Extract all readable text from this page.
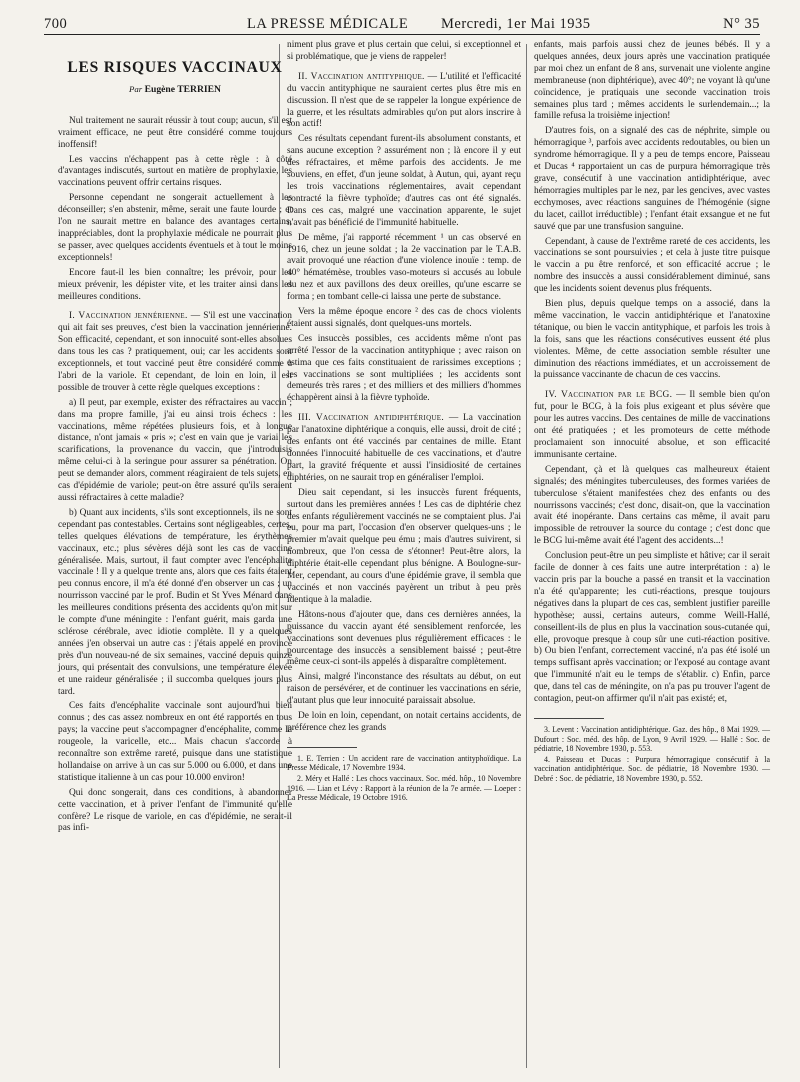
700	LA PRESSE MÉDICALE Mercredi, 1er Mai 1935	N° 35
LES RISQUES VACCINAUX
Par Eugène TERRIEN

Nul traitement ne saurait réussir à tout coup; aucun, s'il est vraiment efficace, ne peut être considéré comme toujours inoffensif!

Les vaccins n'échappent pas à cette règle : à côté d'avantages indiscutés, surtout en matière de prophylaxie, les vaccinations peuvent offrir certains risques.

Personne cependant ne songerait actuellement à les déconseiller; s'en abstenir, même, serait une faute lourde ; et l'on ne saurait mettre en balance des avantages certains, inappréciables, dont la prophylaxie médicale ne pourrait plus se passer, avec quelques accidents éventuels et à tout le moins exceptionnels!

Encore faut-il les bien connaître; les prévoir, pour les mieux prévenir, les dépister vite, et les traiter ainsi dans les meilleures conditions.

I. Vaccination jennérienne. — S'il est une vaccination qui ait fait ses preuves, c'est bien la vaccination jennérienne. Son efficacité, cependant, et son innocuité sont-elles absolues dans tous les cas ? pratiquement, oui; car les accidents sont exceptionnels, et tout vacciné peut être considéré comme à l'abri de la variole. Et cependant, de loin en loin, il est possible de trouver à cette règle quelques exceptions :

a) Il peut, par exemple, exister des réfractaires au vaccin ; dans ma propre famille, j'ai eu ainsi trois échecs : les vaccinations, même répétées plusieurs fois, et à longue distance, n'ont jamais « pris »; c'est en vain que je variai les scarifications, la provenance du vaccin, que j'introduisis même celui-ci à la seringue pour assurer sa pénétration. On peut se demander alors, comment réagiraient de tels sujets, en cas d'épidémie de variole; peut-on être assuré qu'ils seraient aussi réfractaires à cette maladie?

b) Quant aux incidents, s'ils sont exceptionnels, ils ne sont cependant pas contestables. Certains sont négligeables, certes, telles quelques élévations de température, les érythèmes vaccinaux, etc.; plus sévères déjà sont les cas de vaccine généralisée. Mais, surtout, il faut compter avec l'encéphalite vaccinale ! Il y a quelque trente ans, alors que ces faits étaient peu connus encore, il m'a été donné d'en observer un cas ; un nourrisson vacciné par le prof. Budin et St Yves Ménard dans les meilleures conditions présenta des accidents qu'on mit sur le compte d'une méningite : l'enfant guérit, mais garda une sclérose cérébrale, avec idiotie complète. Il y a quelques années j'en observai un autre cas : j'étais appelé en province près d'un nouveau-né de six semaines, vacciné depuis quinze jours, qui présentait des convulsions, une température élevée et une raideur généralisée ; il succomba quelques jours plus tard.

Ces faits d'encéphalite vaccinale sont aujourd'hui bien connus ; des cas assez nombreux en ont été rapportés en tous pays; la vaccine peut s'accompagner d'encéphalite, comme la rougeole, la varicelle, etc... Mais chacun s'accorde à reconnaître son extrême rareté, puisque dans une statistique hollandaise on arrive à un cas sur 5.000 ou 6.000, et dans une statistique italienne à un cas pour 10.000 environ!

Qui donc songerait, dans ces conditions, à abandonner cette vaccination, et à priver l'enfant de l'immunité qu'elle confère? Le risque de variole, en cas d'épidémie, ne serait-il pas infi-

niment plus grave et plus certain que celui, si exceptionnel et si problématique, que je viens de rappeler!

II. Vaccination antityphique. — L'utilité et l'efficacité du vaccin antityphique ne sauraient certes plus être mis en discussion. Il n'est que de se rappeler la longue expérience de la guerre, et les résultats admirables qu'on put alors inscrire à son actif!

Ces résultats cependant furent-ils absolument constants, et sans aucune exception ? assurément non ; là encore il y eut des réfractaires, et même parfois des accidents. Je me souviens, en effet, d'un jeune soldat, à Autun, qui, ayant reçu les trois vaccinations réglementaires, avait cependant contracté la fièvre typhoïde; d'autres cas ont été signalés. Dans ces cas, malgré une vaccination apparente, le sujet n'avait pas bénéficié de l'immunité habituelle.

De même, j'ai rapporté récemment ¹ un cas observé en 1916, chez un jeune soldat ; la 2e vaccination par le T.A.B. avait provoqué une réaction d'une violence inouïe : temp. de 40° hématémèse, troubles vaso-moteurs si accusés au lobule du nez et aux pavillons des deux oreilles, qu'une escarre se forma ; en tombant celle-ci laissa une perte de substance.

Vers la même époque encore ² des cas de chocs violents étaient aussi signalés, dont quelques-uns mortels.

Ces insuccès possibles, ces accidents même n'ont pas arrêté l'essor de la vaccination antityphique ; avec raison on estima que ces faits constituaient de rarissimes exceptions ; les vaccinations se sont multipliées ; les accidents sont demeurés très rares ; et des milliers et des milliers d'hommes échappèrent ainsi à la fièvre typhoïde.

III. Vaccination antidiphtérique. — La vaccination par l'anatoxine diphtérique a conquis, elle aussi, droit de cité ; des enfants ont été vaccinés par centaines de mille. Etant données l'innocuité habituelle de ces vaccinations, et d'autre part, la gravité fréquente et aussi l'insidiosité de certaines diphtéries, on ne saurait trop en généraliser l'emploi.

Dieu sait cependant, si les insuccès furent fréquents, surtout dans les premières années ! Les cas de diphtérie chez des enfants régulièrement vaccinés ne se comptaient plus. J'ai eu, pour ma part, l'occasion d'en observer quelques-uns ; le premier m'avait quelque peu ému ; mais d'autres suivirent, si nombreux, que l'on cessa de s'étonner! Peut-être alors, la diphtérie était-elle cependant plus bénigne. A Boulogne-sur-Mer, cependant, au cours d'une épidémie grave, il sembla que vaccinés et non vaccinés payèrent un tribut à peu près identique à la maladie.

Hâtons-nous d'ajouter que, dans ces dernières années, la puissance du vaccin ayant été sensiblement renforcée, les vaccinations sont devenues plus régulièrement efficaces : le pourcentage des insuccès a sensiblement baissé ; peut-être même ceux-ci sont-ils appelés à disparaître complètement.

Ainsi, malgré l'inconstance des résultats au début, on eut raison de persévérer, et de continuer les vaccinations en série, d'autant plus que leur innocuité paraissait absolue.

De loin en loin, cependant, on notait certains accidents, de préférence chez les grands

1. E. Terrien : Un accident rare de vaccination antityphoïdique. La Presse Médicale, 17 Novembre 1934.
2. Méry et Hallé : Les chocs vaccinaux. Soc. méd. hôp., 10 Novembre 1916. — Lian et Lévy : Rapport à la réunion de la 7e armée. — Loeper : La Presse Médicale, 19 Octobre 1916.

enfants, mais parfois aussi chez de jeunes bébés. Il y a quelques années, deux jours après une vaccination pratiquée par moi chez un enfant de 8 ans, survenait une violente angine membraneuse (non diphtérique), avec 40°; ne voyant là qu'une coïncidence, je pratiquais une seconde vaccination trois semaines plus tard ; mêmes accidents le surlendemain...; la famille refusa la troisième injection!

D'autres fois, on a signalé des cas de néphrite, simple ou hémorragique ³, parfois avec accidents redoutables, ou bien un syndrome hémorragique. Il y a peu de temps encore, Paisseau et Ducas ⁴ rapportaient un cas de purpura hémorragique très grave, consécutif à une vaccination antidiphtérique, avec hémorragies multiples par le nez, par les gencives, avec vastes ecchymoses, avec réactions sanguines de l'hémogénie (signe du lacet, caillot irréductible) ; l'enfant était exsangue et ne fut sauvé que par une transfusion sanguine.

Cependant, à cause de l'extrême rareté de ces accidents, les vaccinations se sont poursuivies ; et cela à juste titre puisque le vaccin a pu être renforcé, et son efficacité accrue ; le nombre des insuccès a aussi considérablement diminué, sans que les incidents soient devenus plus fréquents.

Bien plus, depuis quelque temps on a associé, dans la même vaccination, le vaccin antidiphtérique et l'anatoxine tétanique, ou bien le vaccin antityphique, et parfois les trois à la fois, sans que les réactions consécutives eussent été plus violentes. Même, de cette association semble résulter une diminution des réactions immédiates, et un accroissement de la puissance vaccinante de chacun de ces vaccins.

IV. Vaccination par le BCG. — Il semble bien qu'on fut, pour le BCG, à la fois plus exigeant et plus sévère que pour les autres vaccins. Des centaines de mille de vaccinations ont été pratiquées ; et les promoteurs de cette méthode proclamaient son innocuité absolue, et son efficacité immunisante certaine.

Cependant, çà et là quelques cas malheureux étaient signalés; des méningites tuberculeuses, des formes variées de tuberculose s'étaient manifestées chez des enfants ou des nourrissons vaccinés; c'est donc, disait-on, que la vaccination avait été inopérante. Dans certains cas même, il avait paru impossible de retrouver la source du contage ; c'est donc que le BCG lui-même avait été l'agent des accidents...!

Conclusion peut-être un peu simpliste et hâtive; car il serait facile de donner à ces faits une autre interprétation : a) le vaccin pris par la bouche a passé en transit et la vaccination n'a été qu'apparente; les cuti-réactions, presque toujours négatives dans la plupart de ces cas, semblent justifier pareille hypothèse; aussi, certains auteurs, comme Weill-Hallé, conseillent-ils de plus en plus la vaccination sous-cutanée qui, elle, provoque presque à coup sûr une cuti-réaction positive. b) Ou bien l'enfant, correctement vacciné, n'a pas été isolé un temps suffisant après vaccination; or l'exposé au contage avant que l'immunité n'ait eu le temps de s'établir. c) Enfin, parce que, dans tel cas de méningite, on n'a pas pu trouver l'agent de contagion, peut-on affirmer qu'il n'ait pas existé; et,

3. Levent : Vaccination antidiphtérique. Gaz. des hôp., 8 Mai 1929. — Dufourt : Soc. méd. des hôp. de Lyon, 9 Avril 1929. — Hallé : Soc. de pédiatrie, 18 Novembre 1930, p. 553.
4. Paisseau et Ducas : Purpura hémorragique consécutif à la vaccination antidiphtérique. Soc. de pédiatrie, 18 Novembre 1930. — Debré : Soc. de pédiatrie, 18 Novembre 1930, p. 552.
